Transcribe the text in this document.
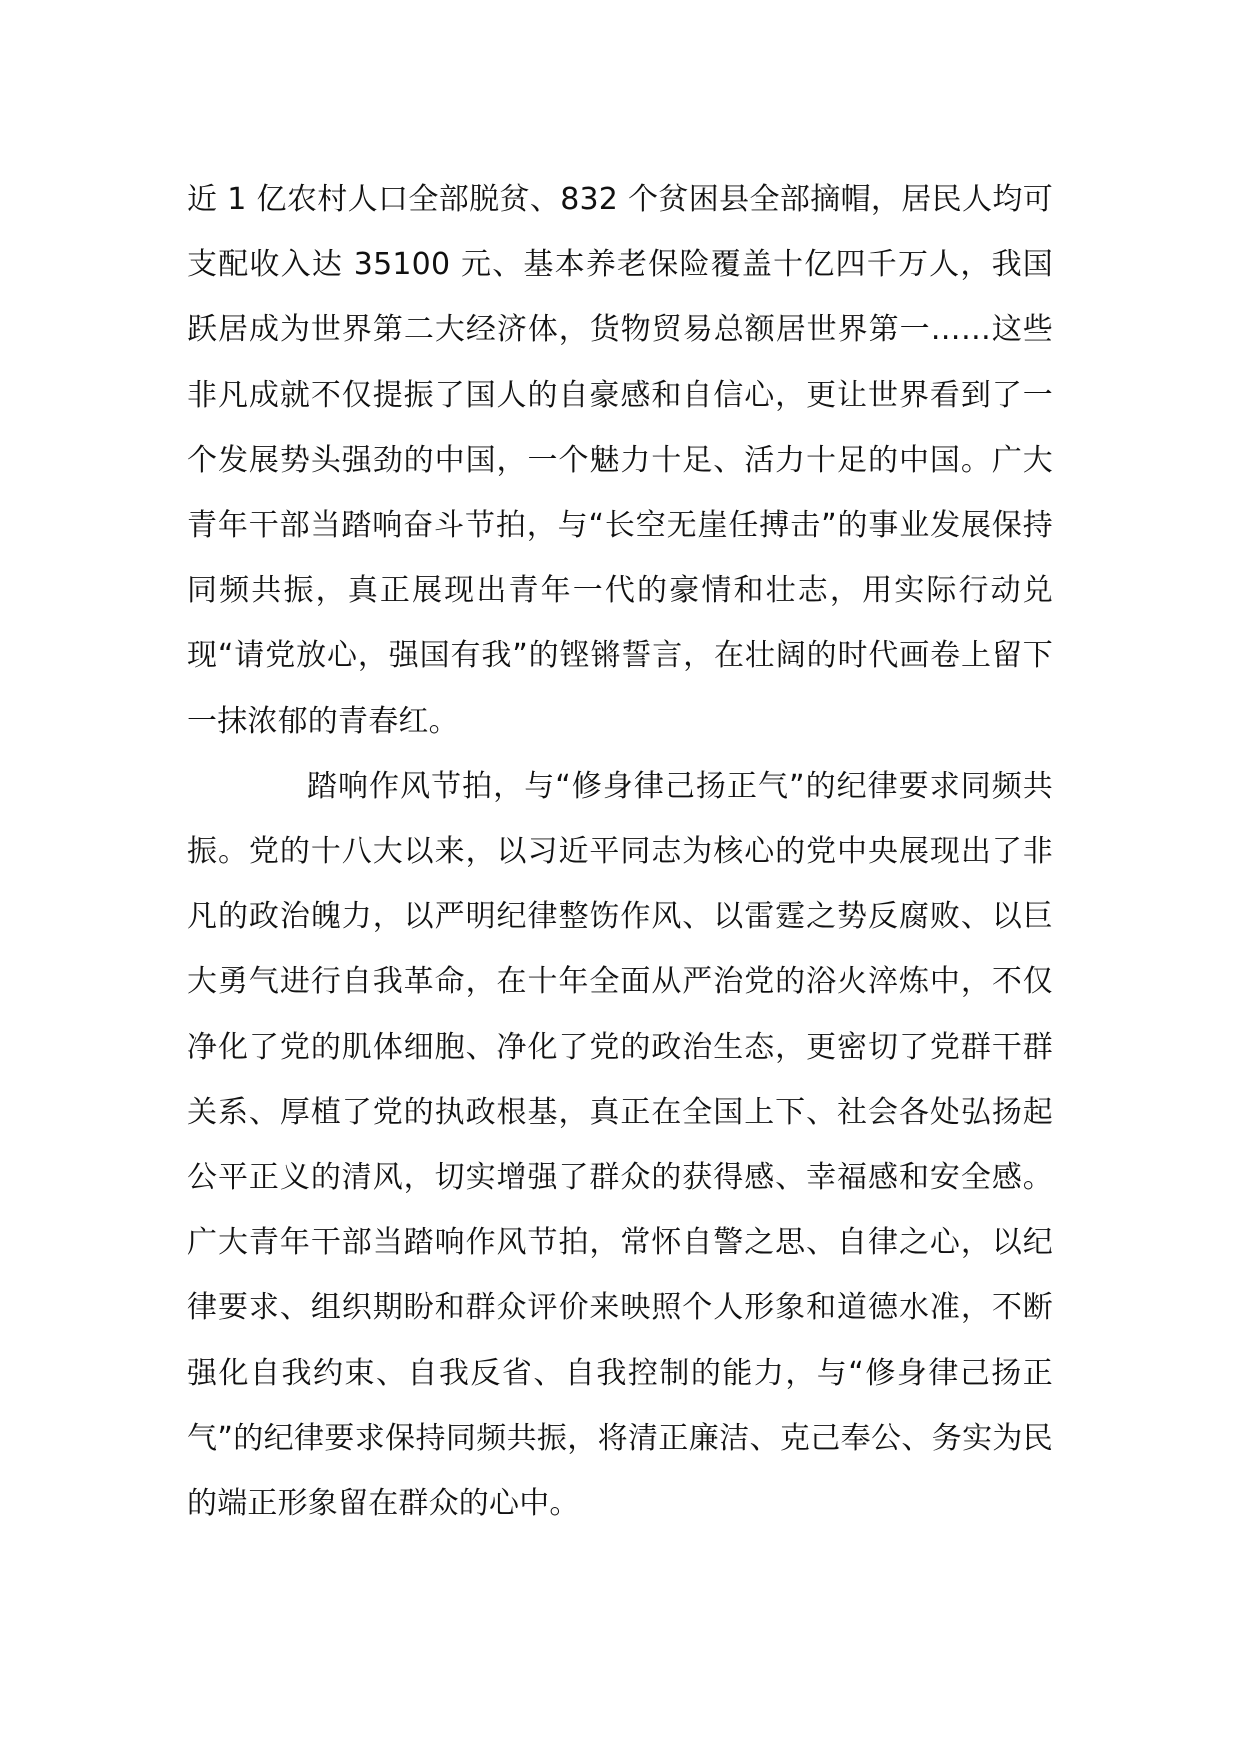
近 1 亿农村人口全部脱贫、832 个贫困县全部摘帽，居民人均可支配收入达 35100 元、基本养老保险覆盖十亿四千万人，我国跃居成为世界第二大经济体，货物贸易总额居世界第一……这些非凡成就不仅提振了国人的自豪感和自信心，更让世界看到了一个发展势头强劲的中国，一个魅力十足、活力十足的中国。广大青年干部当踏响奋斗节拍，与“长空无崖任搏击”的事业发展保持同频共振，真正展现出青年一代的豪情和壮志，用实际行动兑现“请党放心，强国有我”的铿锵誓言，在壮阔的时代画卷上留下一抹浓郁的青春红。

踏响作风节拍，与“修身律己扬正气”的纪律要求同频共振。党的十八大以来，以习近平同志为核心的党中央展现出了非凡的政治魄力，以严明纪律整饬作风、以雷霆之势反腐败、以巨大勇气进行自我革命，在十年全面从严治党的浴火淬炼中，不仅净化了党的肌体细胞、净化了党的政治生态，更密切了党群干群关系、厚植了党的执政根基，真正在全国上下、社会各处弘扬起公平正义的清风，切实增强了群众的获得感、幸福感和安全感。广大青年干部当踏响作风节拍，常怀自警之思、自律之心，以纪律要求、组织期盼和群众评价来映照个人形象和道德水准，不断强化自我约束、自我反省、自我控制的能力，与“修身律己扬正气”的纪律要求保持同频共振，将清正廉洁、克己奉公、务实为民的端正形象留在群众的心中。
